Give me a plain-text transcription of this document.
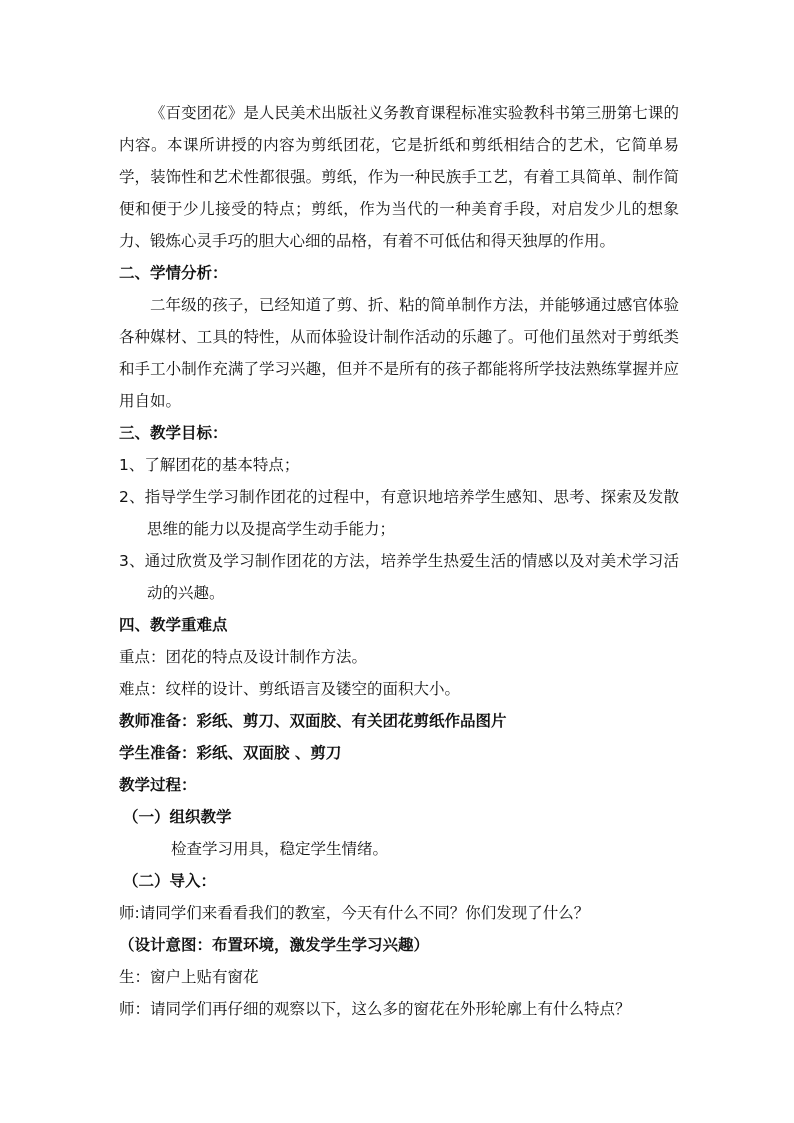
《百变团花》是人民美术出版社义务教育课程标准实验教科书第三册第七课的内容。本课所讲授的内容为剪纸团花，它是折纸和剪纸相结合的艺术，它简单易学，装饰性和艺术性都很强。剪纸，作为一种民族手工艺，有着工具简单、制作简便和便于少儿接受的特点；剪纸，作为当代的一种美育手段，对启发少儿的想象力、锻炼心灵手巧的胆大心细的品格，有着不可低估和得天独厚的作用。

二、学情分析：

二年级的孩子，已经知道了剪、折、粘的简单制作方法，并能够通过感官体验各种媒材、工具的特性，从而体验设计制作活动的乐趣了。可他们虽然对于剪纸类和手工小制作充满了学习兴趣，但并不是所有的孩子都能将所学技法熟练掌握并应用自如。

三、教学目标：

1、了解团花的基本特点；

2、指导学生学习制作团花的过程中，有意识地培养学生感知、思考、探索及发散思维的能力以及提高学生动手能力；

3、通过欣赏及学习制作团花的方法，培养学生热爱生活的情感以及对美术学习活动的兴趣。

四、教学重难点

重点：团花的特点及设计制作方法。

难点：纹样的设计、剪纸语言及镂空的面积大小。

教师准备：彩纸、剪刀、双面胶、有关团花剪纸作品图片

学生准备：彩纸、双面胶 、剪刀

教学过程：

（一）组织教学

检查学习用具，稳定学生情绪。

（二）导入：

师:请同学们来看看我们的教室，今天有什么不同？你们发现了什么？

（设计意图：布置环境，激发学生学习兴趣）

生：窗户上贴有窗花

师：请同学们再仔细的观察以下，这么多的窗花在外形轮廓上有什么特点？
